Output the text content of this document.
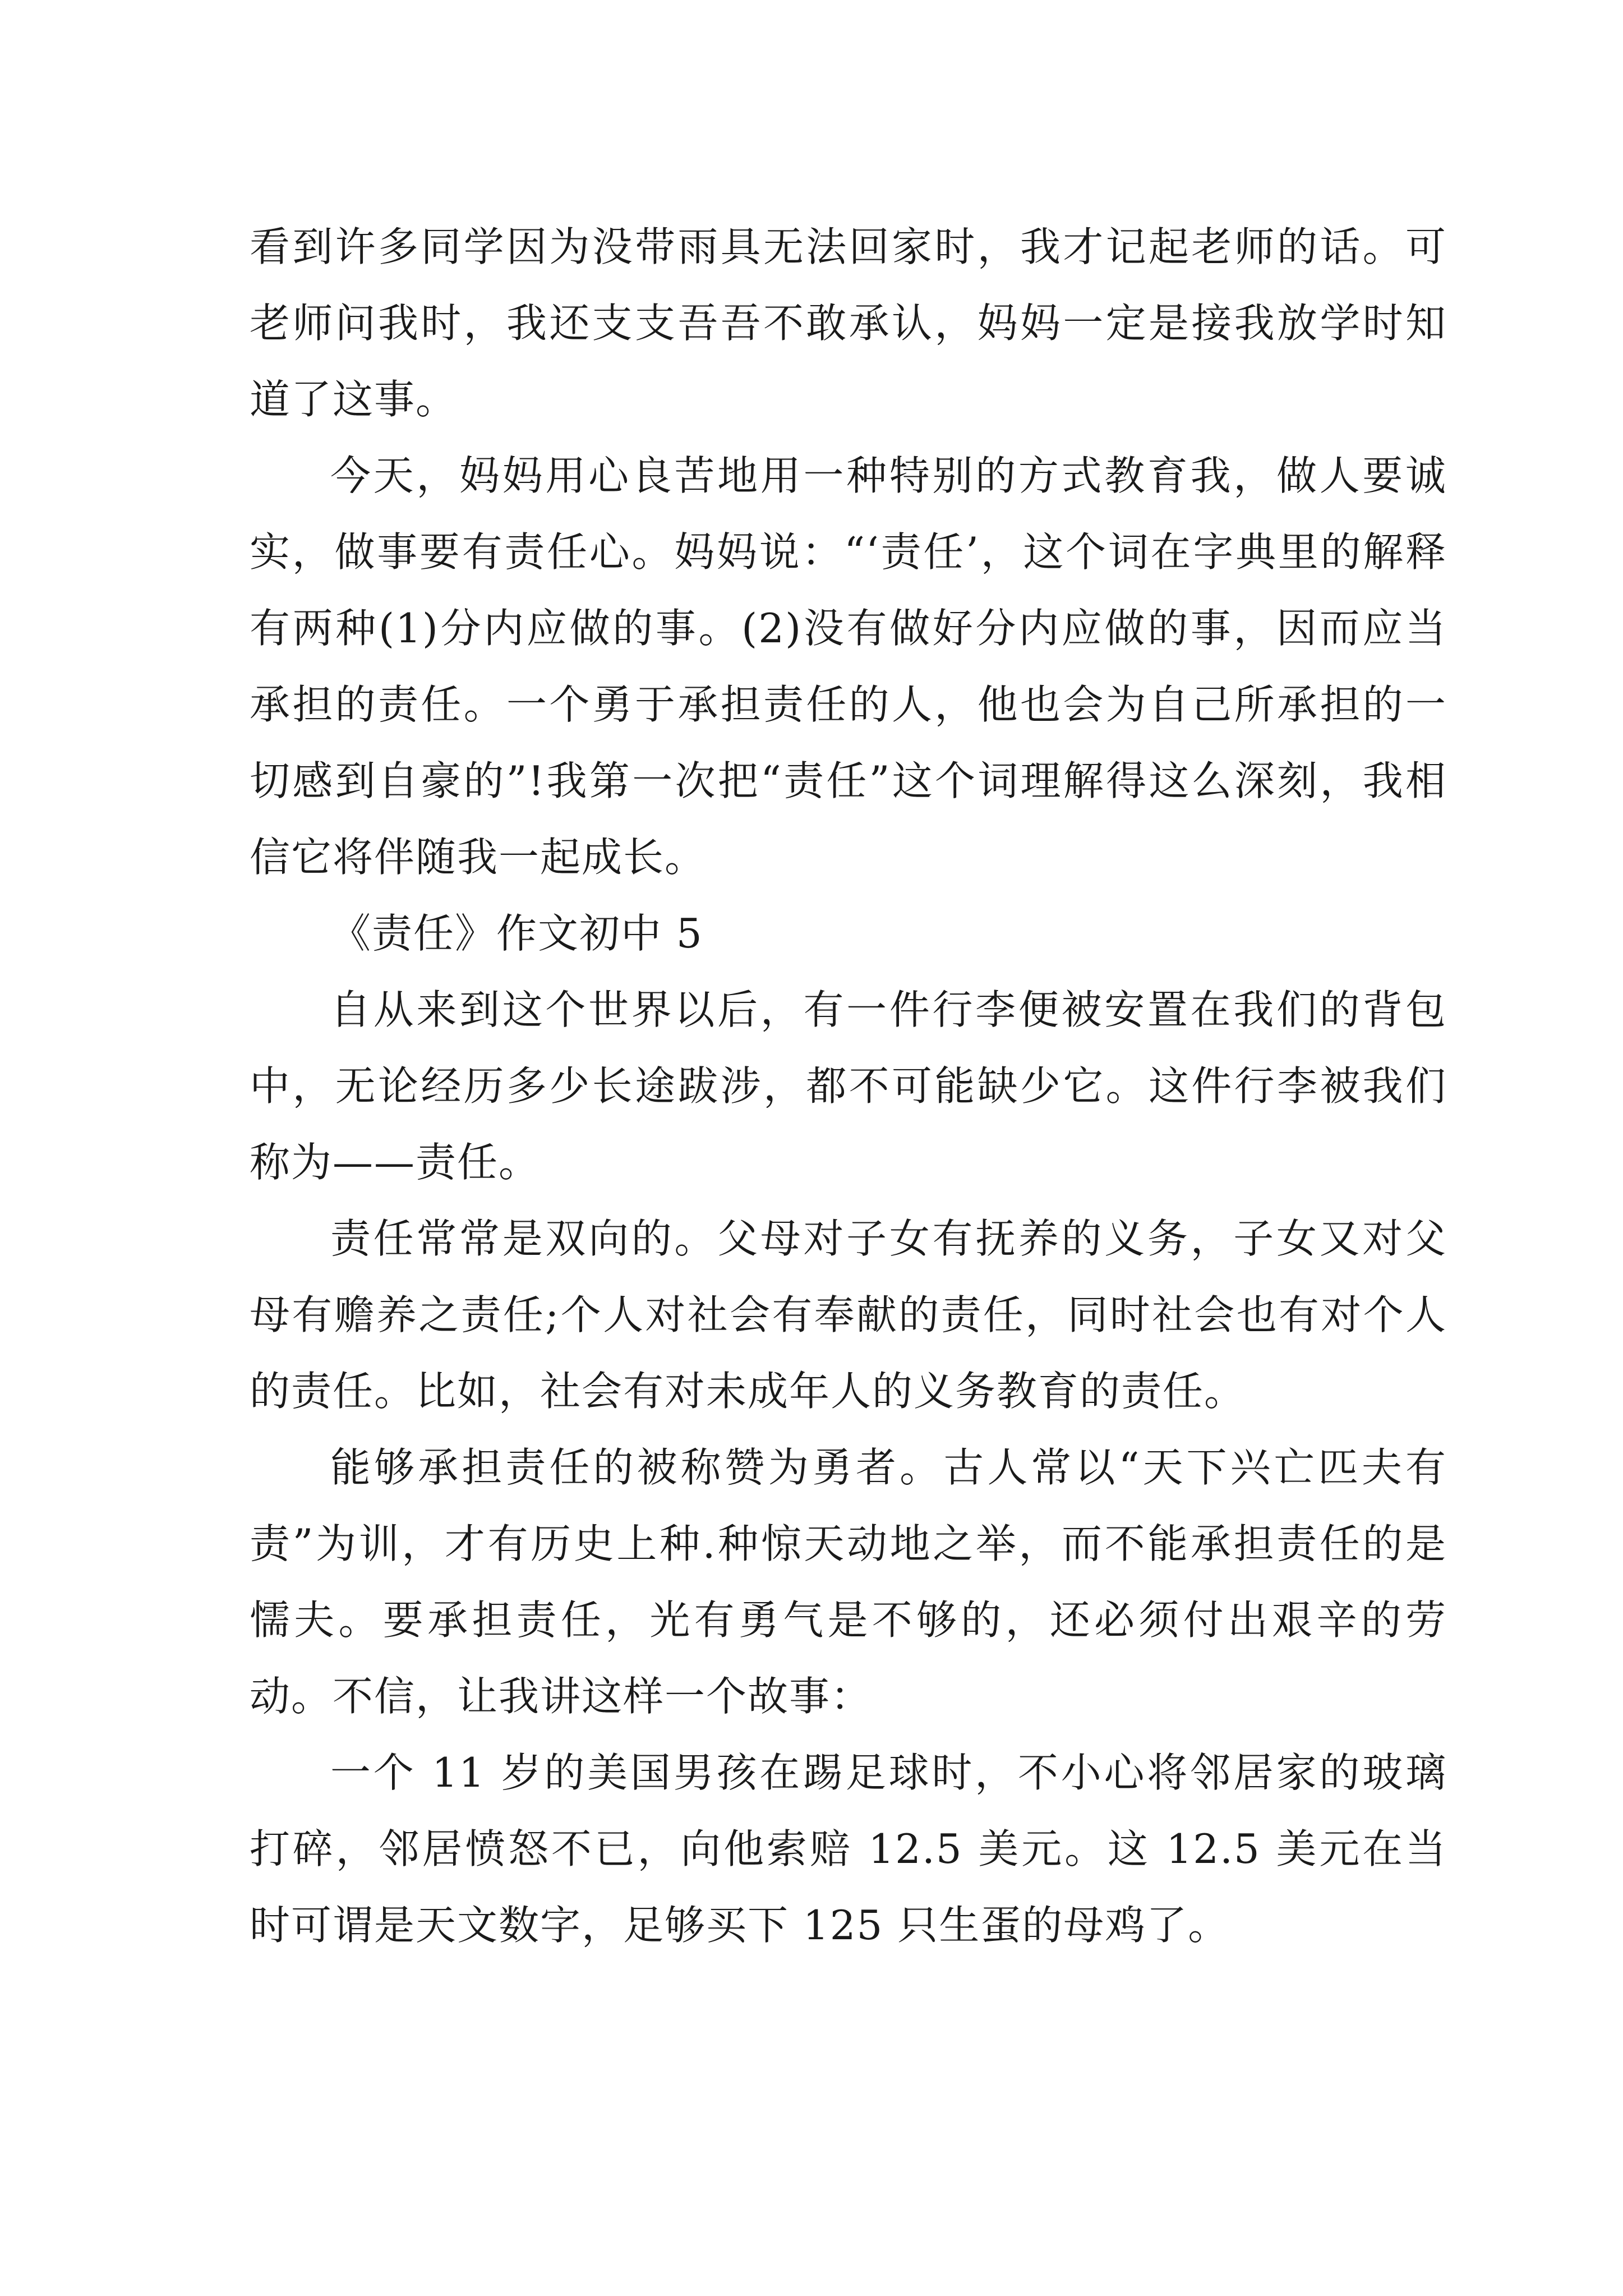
看到许多同学因为没带雨具无法回家时，我才记起老师的话。可老师问我时，我还支支吾吾不敢承认，妈妈一定是接我放学时知道了这事。

今天，妈妈用心良苦地用一种特别的方式教育我，做人要诚实，做事要有责任心。妈妈说：“‘责任’，这个词在字典里的解释有两种(1)分内应做的事。(2)没有做好分内应做的事，因而应当承担的责任。一个勇于承担责任的人，他也会为自己所承担的一切感到自豪的”!我第一次把“责任”这个词理解得这么深刻，我相信它将伴随我一起成长。

《责任》作文初中 5

自从来到这个世界以后，有一件行李便被安置在我们的背包中，无论经历多少长途跋涉，都不可能缺少它。这件行李被我们称为——责任。

责任常常是双向的。父母对子女有抚养的义务，子女又对父母有赡养之责任;个人对社会有奉献的责任，同时社会也有对个人的责任。比如，社会有对未成年人的义务教育的责任。

能够承担责任的被称赞为勇者。古人常以“天下兴亡匹夫有责”为训，才有历史上种.种惊天动地之举，而不能承担责任的是懦夫。要承担责任，光有勇气是不够的，还必须付出艰辛的劳动。不信，让我讲这样一个故事：

一个 11 岁的美国男孩在踢足球时，不小心将邻居家的玻璃打碎，邻居愤怒不已，向他索赔 12.5 美元。这 12.5 美元在当时可谓是天文数字，足够买下 125 只生蛋的母鸡了。
